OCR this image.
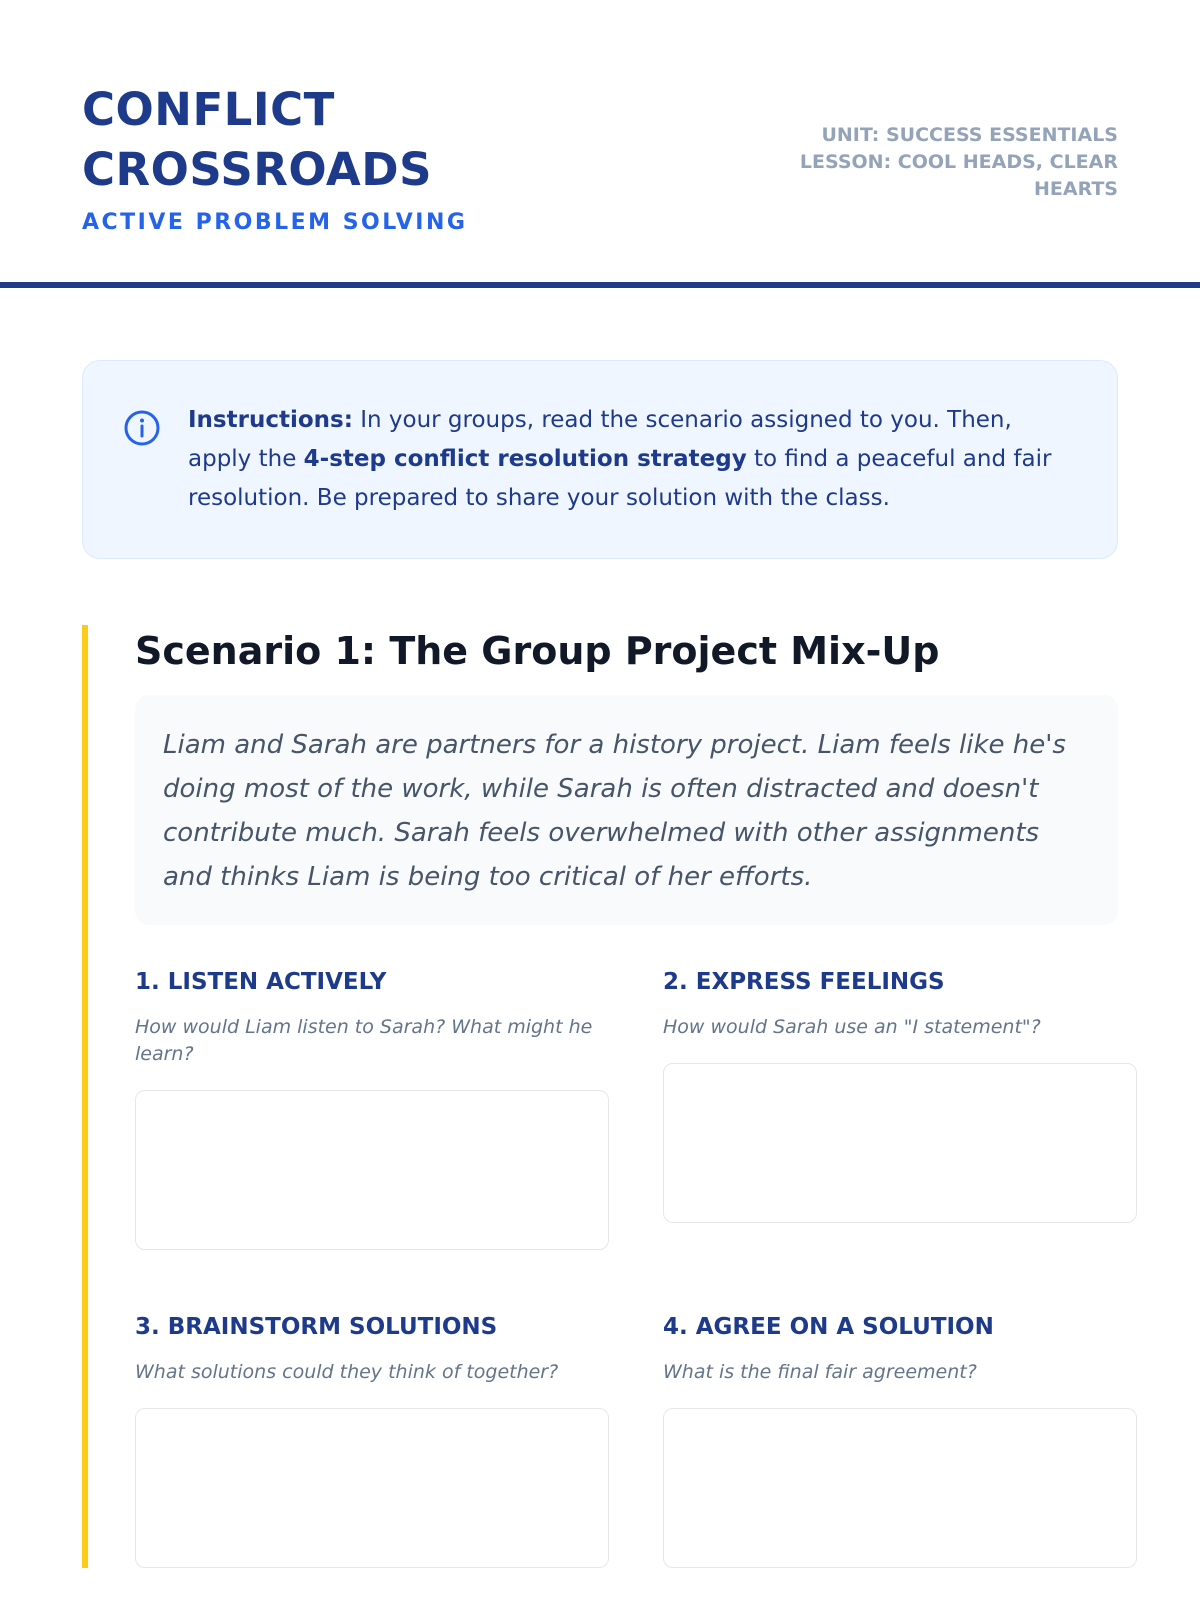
CONFLICT CROSSROADS
ACTIVE PROBLEM SOLVING
UNIT: SUCCESS ESSENTIALS
LESSON: COOL HEADS, CLEAR HEARTS

Instructions: In your groups, read the scenario assigned to you. Then, apply the 4-step conflict resolution strategy to find a peaceful and fair resolution. Be prepared to share your solution with the class.

Scenario 1: The Group Project Mix-Up
Liam and Sarah are partners for a history project. Liam feels like he's doing most of the work, while Sarah is often distracted and doesn't contribute much. Sarah feels overwhelmed with other assignments and thinks Liam is being too critical of her efforts.
1. LISTEN ACTIVELY
How would Liam listen to Sarah? What might he learn?
2. EXPRESS FEELINGS
How would Sarah use an "I statement"?
3. BRAINSTORM SOLUTIONS
What solutions could they think of together?
4. AGREE ON A SOLUTION
What is the final fair agreement?
